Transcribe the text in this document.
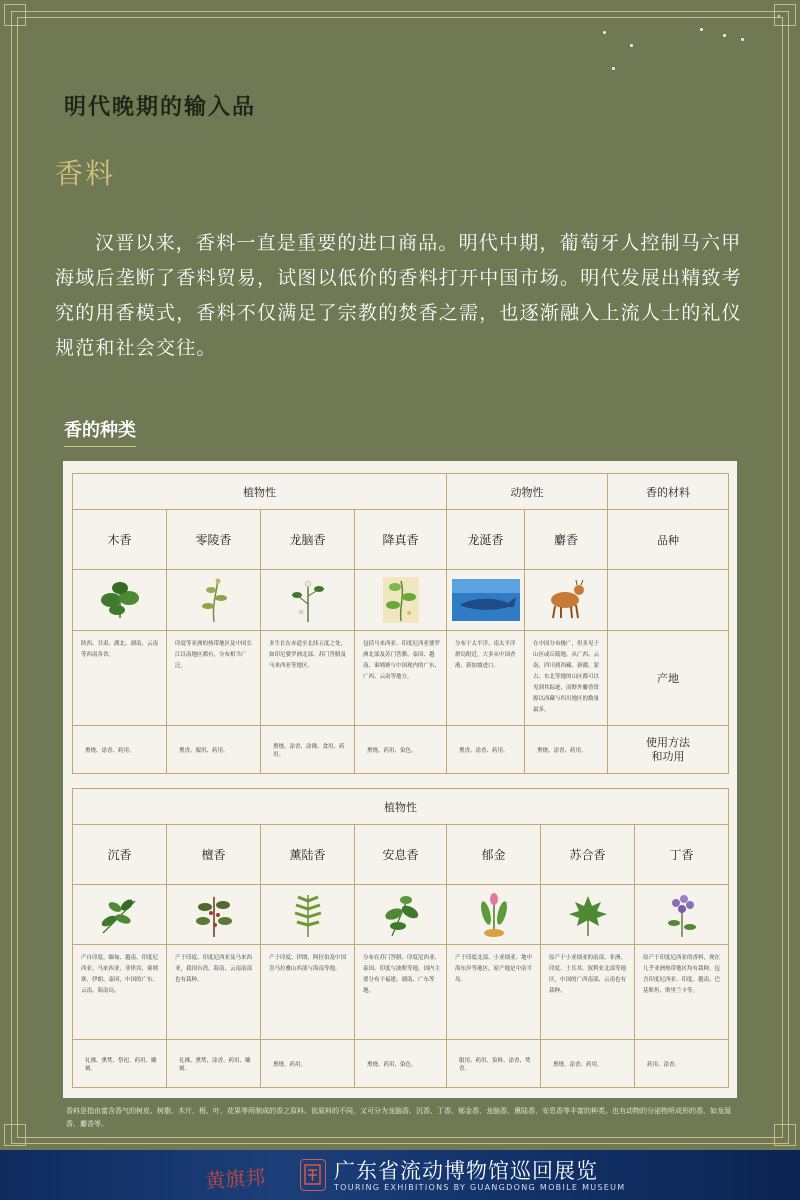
明代晚期的输入品
香料
汉晋以来，香料一直是重要的进口商品。明代中期，葡萄牙人控制马六甲海域后垄断了香料贸易，试图以低价的香料打开中国市场。明代发展出精致考究的用香模式，香料不仅满足了宗教的焚香之需，也逐渐融入上流人士的礼仪规范和社会交往。
香的种类
植物性				动物性		香的材料
木香	零陵香	龙脑香	降真香	龙涎香	麝香	品种

陕西、甘肃、湖北、湖南、云南等西南各省。	印度等亚洲的热带地区及中国长江以南地区都有，分布相当广泛。	多生长在赤道至北纬五度之处，如印尼婆罗洲北部、苏门答腊及马来西亚等地区。	包括马来西亚、印度尼西亚婆罗洲北部及苏门答腊、泰国、越南、柬埔寨与中国现内的广东、广西、云南等地方。	分布于太平洋、南太平洋群岛附近，大多从中国香港、新加坡进口。	在中国分布极广，但多见于山区或丘陵地。从广西、云南、四川到西藏、新疆、蒙古、东北等地的山区都可以见到其踪迹，而野外麝香资源以西藏与四川地区的数量最多。	产地
熏烧、涂香、药用。	熏香、服用、药用。	熏烧、涂香、涂佛、食用、药用。	熏烧、药用、染色。	熏香、涂香、药用。	熏烧、涂香、药用。	使用方法
和功用
植物性						
沉香	檀香	薰陆香	安息香	郁金	苏合香	丁香

产自印度、缅甸、越南、印度尼西亚、马来西亚、菲律宾、柬埔寨、伊朗、泰国，中国的广东、云南、海南岛。	产于印度、印度尼西亚及马来西亚，我国台湾、海南、云南南部也有栽种。	产于印度、伊朗、阿拉伯及中国喜马拉雅山西部与海南等地。	分布在苏门答腊、印度尼西亚、泰国、印度与波斯等地，国内主要分布于福建、湖南、广东等地。	产于印度北部、小亚细亚、地中海东岸等地区，原产地是中南半岛。	原产于小亚细亚的南部、非洲、印度、土耳其、叙利亚北部等地区，中国的广西南部、云南也有栽种。	原产于印度尼西亚的香料，现在几乎亚洲热带地区均有栽种，包含印度尼西亚、印度、越南、巴基斯坦、斯里兰卡等。
礼佛、熏焚、祭祀、药用、雕刻。	礼佛、熏焚、涂香、药用、雕刻。	熏烧、药用。	熏烧、药用、染色。	服用、药用、染料、涂香、焚香。	熏烧、涂香、药用。	药用、涂香。
香料是指由富含香气的树皮、树脂、木片、根、叶、花果等所制成的香之原料。依原料的不同，又可分为龙脑香、沉香、丁香、郁金香、龙脑香、熏陆香、安息香等丰富的种类。也有动物的分泌物所成形的香，如龙涎香、麝香等。
黄旗邦	广东省流动博物馆巡回展览
TOURING EXHIBITIONS BY GUANGDONG MOBILE MUSEUM
